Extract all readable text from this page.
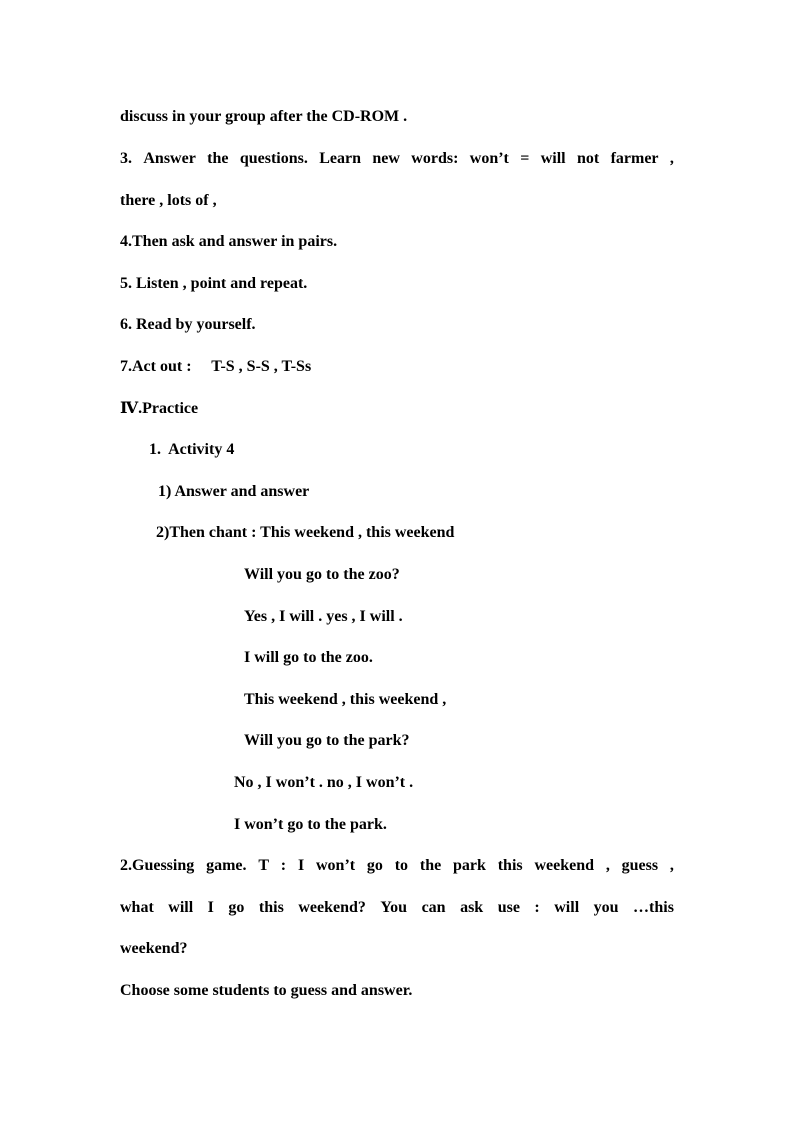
discuss in your group after the CD-ROM .
3. Answer the questions. Learn new words: won’t = will not farmer ,
there , lots of ,
4.Then ask and answer in pairs.
5. Listen , point and repeat.
6. Read by yourself.
7.Act out :     T-S , S-S , T-Ss
Ⅳ.Practice
1.  Activity 4
1) Answer and answer
2)Then chant : This weekend , this weekend
Will you go to the zoo?
Yes , I will . yes , I will .
I will go to the zoo.
This weekend , this weekend ,
Will you go to the park?
No , I won’t . no , I won’t .
I won’t go to the park.
2.Guessing game. T : I won’t go to the park this weekend , guess ,
what will I go this weekend? You can ask use : will you …this
weekend?
Choose some students to guess and answer.
